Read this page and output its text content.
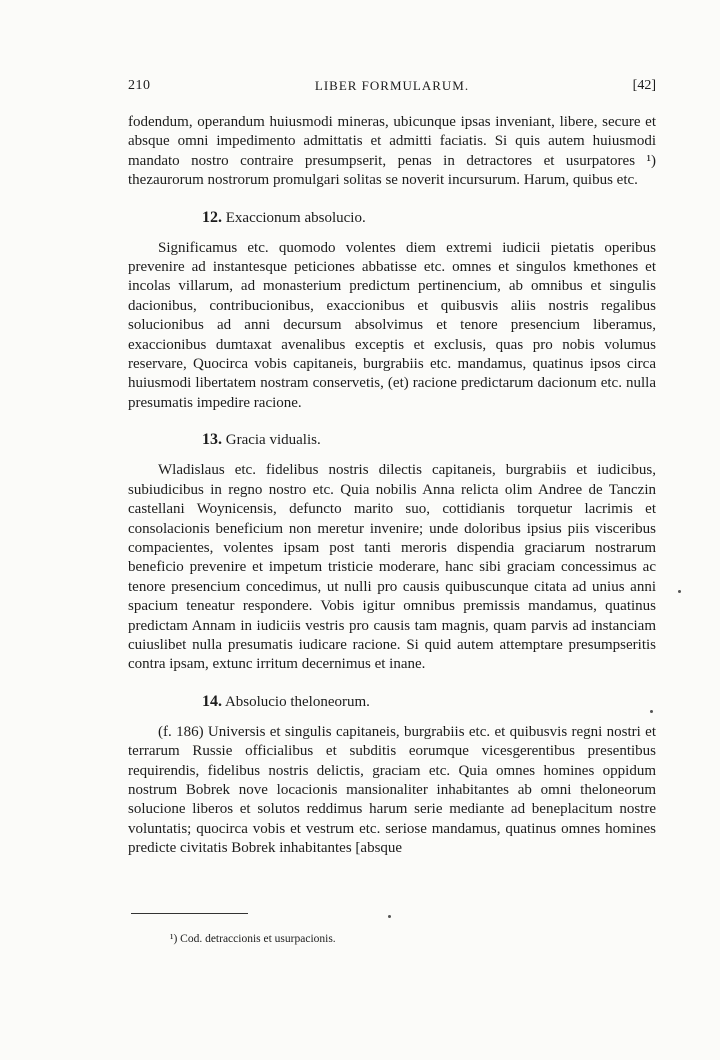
210	LIBER FORMULARUM.	[42]

fodendum, operandum huiusmodi mineras, ubicunque ipsas inveniant, libere, secure et absque omni impedimento admittatis et admitti faciatis. Si quis autem huiusmodi mandato nostro contraire presumpserit, penas in detractores et usurpatores ¹) thezaurorum nostrorum promulgari solitas se noverit incursurum. Harum, quibus etc.

12. Exaccionum absolucio.

Significamus etc. quomodo volentes diem extremi iudicii pietatis operibus prevenire ad instantesque peticiones abbatisse etc. omnes et singulos kmethones et incolas villarum, ad monasterium predictum pertinencium, ab omnibus et singulis dacionibus, contribucionibus, exaccionibus et quibusvis aliis nostris regalibus solucionibus ad anni decursum absolvimus et tenore presencium liberamus, exaccionibus dumtaxat avenalibus exceptis et exclusis, quas pro nobis volumus reservare, Quocirca vobis capitaneis, burgrabiis etc. mandamus, quatinus ipsos circa huiusmodi libertatem nostram conservetis, (et) racione predictarum dacionum etc. nulla presumatis impedire racione.

13. Gracia vidualis.

Wladislaus etc. fidelibus nostris dilectis capitaneis, burgrabiis et iudicibus, subiudicibus in regno nostro etc. Quia nobilis Anna relicta olim Andree de Tanczin castellani Woynicensis, defuncto marito suo, cottidianis torquetur lacrimis et consolacionis beneficium non meretur invenire; unde doloribus ipsius piis visceribus compacientes, volentes ipsam post tanti meroris dispendia graciarum nostrarum beneficio prevenire et impetum tristicie moderare, hanc sibi graciam concessimus ac tenore presencium concedimus, ut nulli pro causis quibuscunque citata ad unius anni spacium teneatur respondere. Vobis igitur omnibus premissis mandamus, quatinus predictam Annam in iudiciis vestris pro causis tam magnis, quam parvis ad instanciam cuiuslibet nulla presumatis iudicare racione. Si quid autem attemptare presumpseritis contra ipsam, extunc irritum decernimus et inane.

14. Absolucio theloneorum.

(f. 186) Universis et singulis capitaneis, burgrabiis etc. et quibusvis regni nostri et terrarum Russie officialibus et subditis eorumque vicesgerentibus presentibus requirendis, fidelibus nostris delictis, graciam etc. Quia omnes homines oppidum nostrum Bobrek nove locacionis mansionaliter inhabitantes ab omni theloneorum solucione liberos et solutos reddimus harum serie mediante ad beneplacitum nostre voluntatis; quocirca vobis et vestrum etc. seriose mandamus, quatinus omnes homines predicte civitatis Bobrek inhabitantes [absque

¹) Cod. detraccionis et usurpacionis.
